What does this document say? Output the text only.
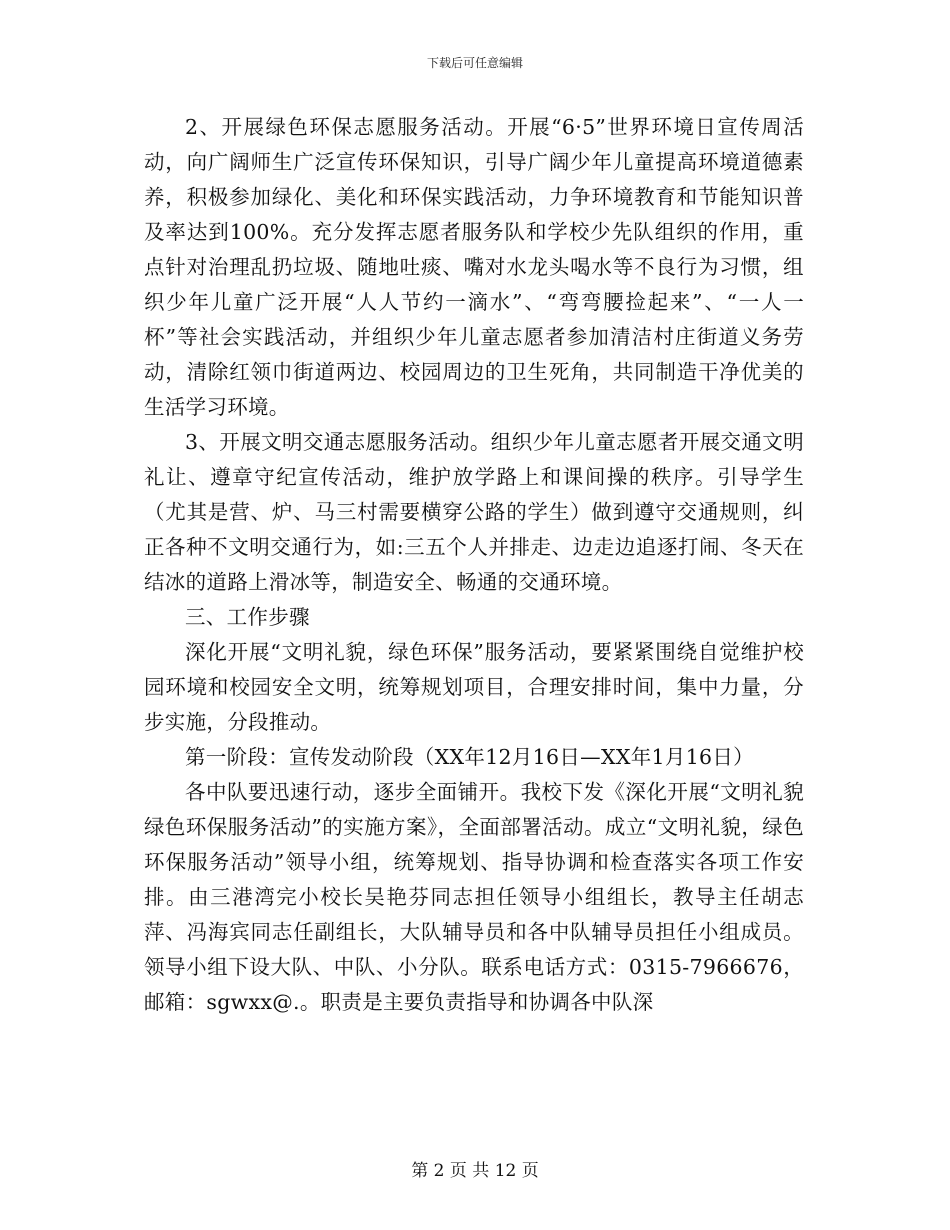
下载后可任意编辑

2、开展绿色环保志愿服务活动。开展“6·5”世界环境日宣传周活动，向广阔师生广泛宣传环保知识，引导广阔少年儿童提高环境道德素养，积极参加绿化、美化和环保实践活动，力争环境教育和节能知识普及率达到100%。充分发挥志愿者服务队和学校少先队组织的作用，重点针对治理乱扔垃圾、随地吐痰、嘴对水龙头喝水等不良行为习惯，组织少年儿童广泛开展“人人节约一滴水”、“弯弯腰捡起来”、“一人一杯”等社会实践活动，并组织少年儿童志愿者参加清洁村庄街道义务劳动，清除红领巾街道两边、校园周边的卫生死角，共同制造干净优美的生活学习环境。

3、开展文明交通志愿服务活动。组织少年儿童志愿者开展交通文明礼让、遵章守纪宣传活动，维护放学路上和课间操的秩序。引导学生（尤其是营、炉、马三村需要横穿公路的学生）做到遵守交通规则，纠正各种不文明交通行为，如:三五个人并排走、边走边追逐打闹、冬天在结冰的道路上滑冰等，制造安全、畅通的交通环境。

三、工作步骤

深化开展“文明礼貌，绿色环保”服务活动，要紧紧围绕自觉维护校园环境和校园安全文明，统筹规划项目，合理安排时间，集中力量，分步实施，分段推动。

第一阶段：宣传发动阶段（XX年12月16日—XX年1月16日）

各中队要迅速行动，逐步全面铺开。我校下发《深化开展“文明礼貌绿色环保服务活动”的实施方案》，全面部署活动。成立“文明礼貌，绿色环保服务活动”领导小组，统筹规划、指导协调和检查落实各项工作安排。由三港湾完小校长吴艳芬同志担任领导小组组长，教导主任胡志萍、冯海宾同志任副组长，大队辅导员和各中队辅导员担任小组成员。领导小组下设大队、中队、小分队。联系电话方式：0315-7966676，邮箱：sgwxx@.。职责是主要负责指导和协调各中队深

第 2 页 共 12 页
